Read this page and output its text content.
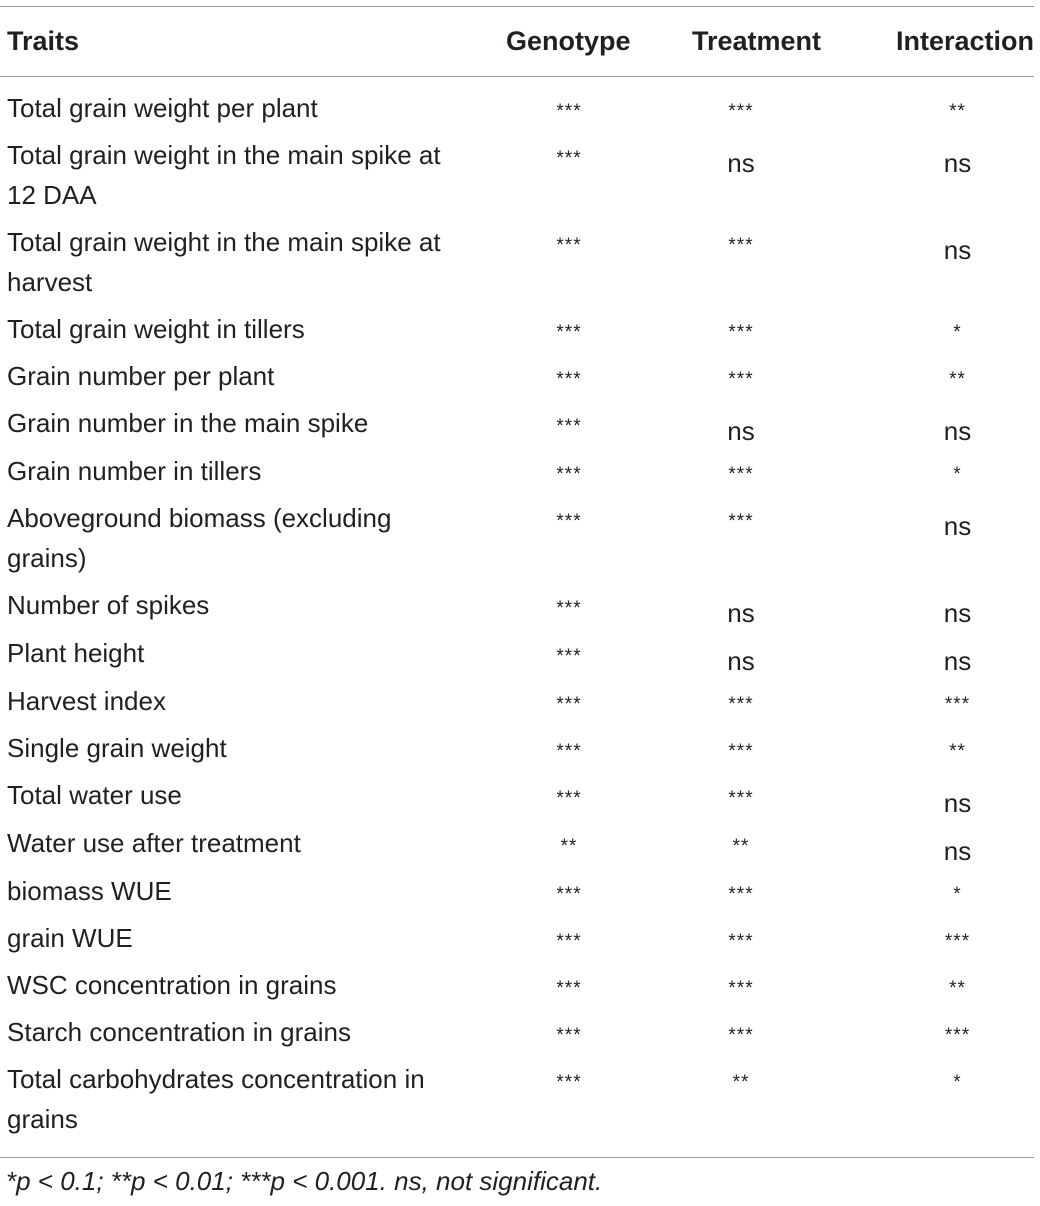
Traits	Genotype	Treatment	Interaction
Total grain weight per plant	***	***	**
Total grain weight in the main spike at 12 DAA	***	ns	ns
Total grain weight in the main spike at harvest	***	***	ns
Total grain weight in tillers	***	***	*
Grain number per plant	***	***	**
Grain number in the main spike	***	ns	ns
Grain number in tillers	***	***	*
Aboveground biomass (excluding grains)	***	***	ns
Number of spikes	***	ns	ns
Plant height	***	ns	ns
Harvest index	***	***	***
Single grain weight	***	***	**
Total water use	***	***	ns
Water use after treatment	**	**	ns
biomass WUE	***	***	*
grain WUE	***	***	***
WSC concentration in grains	***	***	**
Starch concentration in grains	***	***	***
Total carbohydrates concentration in grains	***	**	*
*p < 0.1; **p < 0.01; ***p < 0.001. ns, not significant.
